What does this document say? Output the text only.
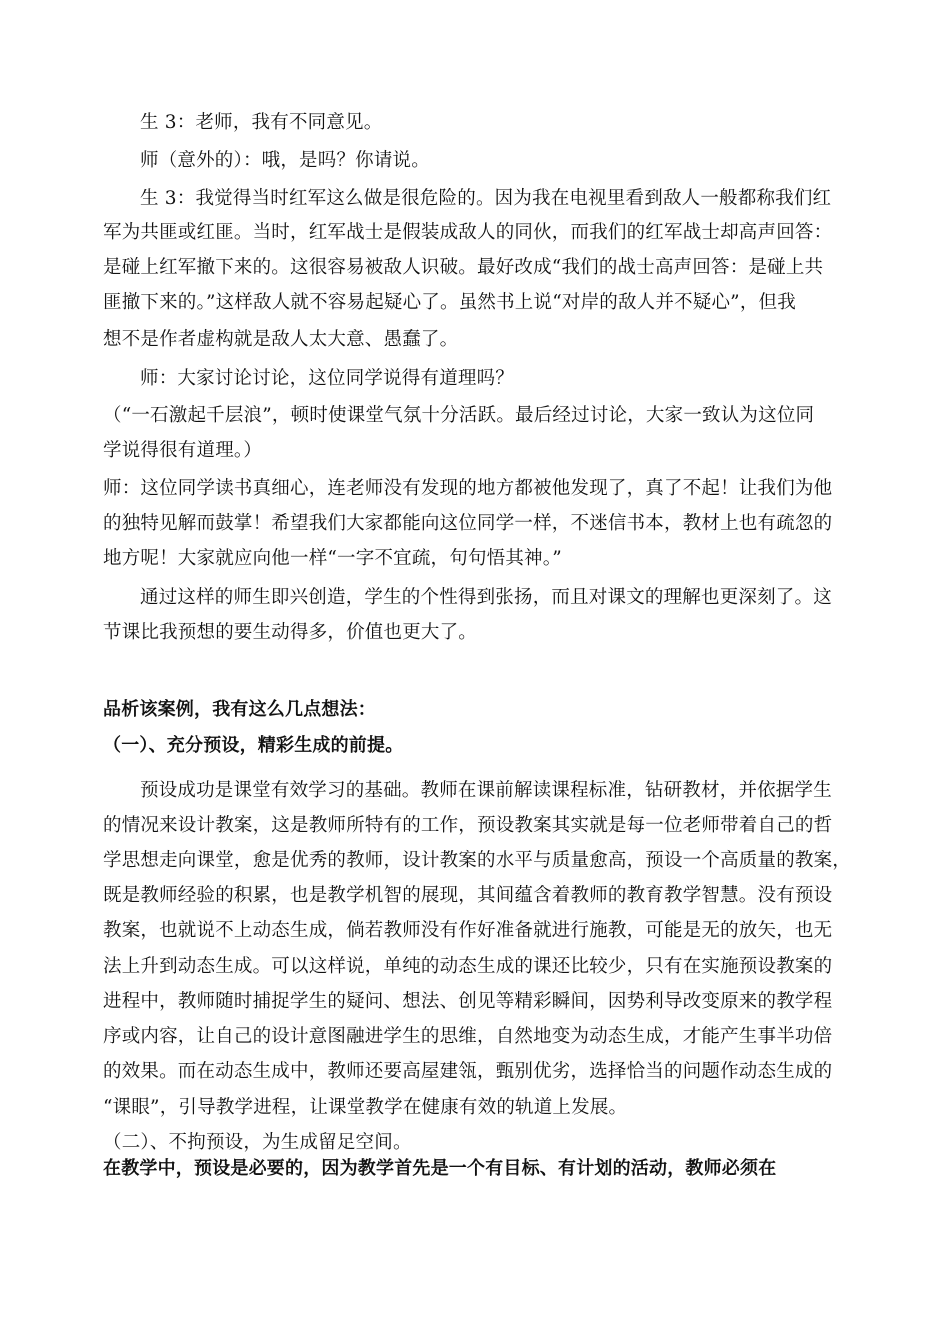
生 3：老师，我有不同意见。
师（意外的）：哦，是吗？你请说。
生 3：我觉得当时红军这么做是很危险的。因为我在电视里看到敌人一般都称我们红
军为共匪或红匪。当时，红军战士是假装成敌人的同伙，而我们的红军战士却高声回答：
是碰上红军撤下来的。这很容易被敌人识破。最好改成“我们的战士高声回答：是碰上共
匪撤下来的。”这样敌人就不容易起疑心了。虽然书上说“对岸的敌人并不疑心”，但我
想不是作者虚构就是敌人太大意、愚蠢了。
师：大家讨论讨论，这位同学说得有道理吗？
（“一石激起千层浪”，顿时使课堂气氛十分活跃。最后经过讨论，大家一致认为这位同
学说得很有道理。）
师：这位同学读书真细心，连老师没有发现的地方都被他发现了，真了不起！让我们为他
的独特见解而鼓掌！希望我们大家都能向这位同学一样，不迷信书本，教材上也有疏忽的
地方呢！大家就应向他一样“一字不宜疏，句句悟其神。”
通过这样的师生即兴创造，学生的个性得到张扬，而且对课文的理解也更深刻了。这
节课比我预想的要生动得多，价值也更大了。
品析该案例，我有这么几点想法：
（一）、充分预设，精彩生成的前提。
预设成功是课堂有效学习的基础。教师在课前解读课程标准，钻研教材，并依据学生
的情况来设计教案，这是教师所特有的工作，预设教案其实就是每一位老师带着自己的哲
学思想走向课堂，愈是优秀的教师，设计教案的水平与质量愈高，预设一个高质量的教案，
既是教师经验的积累，也是教学机智的展现，其间蕴含着教师的教育教学智慧。没有预设
教案，也就说不上动态生成，倘若教师没有作好准备就进行施教，可能是无的放矢，也无
法上升到动态生成。可以这样说，单纯的动态生成的课还比较少，只有在实施预设教案的
进程中，教师随时捕捉学生的疑问、想法、创见等精彩瞬间，因势利导改变原来的教学程
序或内容，让自己的设计意图融进学生的思维，自然地变为动态生成，才能产生事半功倍
的效果。而在动态生成中，教师还要高屋建瓴，甄别优劣，选择恰当的问题作动态生成的
“课眼”，引导教学进程，让课堂教学在健康有效的轨道上发展。
（二）、不拘预设，为生成留足空间。
在教学中，预设是必要的，因为教学首先是一个有目标、有计划的活动，教师必须在
